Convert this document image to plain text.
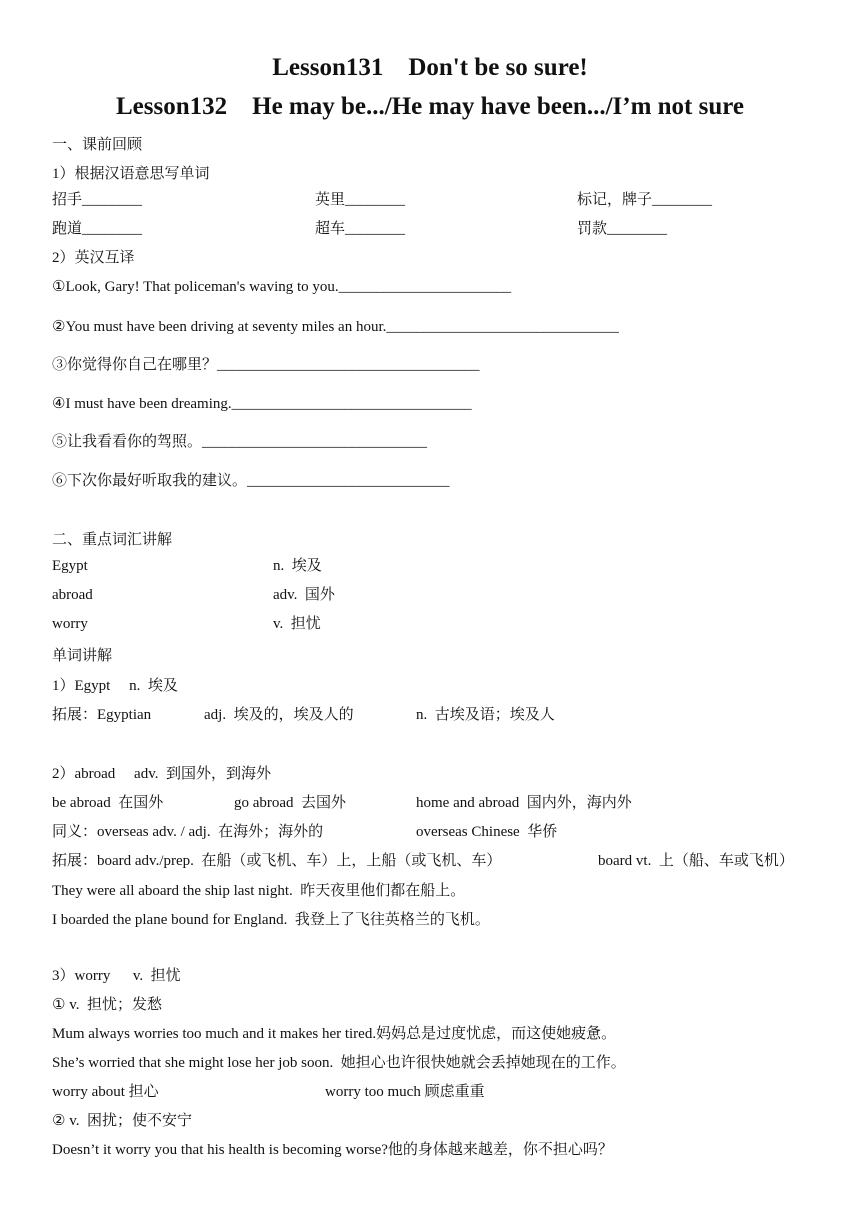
Lesson131    Don't be so sure!
Lesson132    He may be.../He may have been.../I’m not sure
一、课前回顾
1）根据汉语意思写单词
招手________	英里________	标记，牌子________
跑道________	超车________	罚款________
2）英汉互译
①Look, Gary! That policeman's waving to you._______________________
②You must have been driving at seventy miles an hour._______________________________
③你觉得你自己在哪里？___________________________________
④I must have been dreaming.________________________________
⑤让我看看你的驾照。______________________________
⑥下次你最好听取我的建议。___________________________
二、重点词汇讲解
Egypt	n.  埃及
abroad	adv.  国外
worry	v.  担忧
单词讲解
1）Egypt     n.  埃及
拓展：Egyptian	adj.  埃及的，埃及人的	n.  古埃及语；埃及人
2）abroad     adv.  到国外，到海外
be abroad  在国外	go abroad  去国外	home and abroad  国内外，海内外
同义：overseas adv. / adj.  在海外；海外的	overseas Chinese  华侨
拓展：board adv./prep.  在船（或飞机、车）上，上船（或飞机、车）	board vt.  上（船、车或飞机）
They were all aboard the ship last night.  昨天夜里他们都在船上。
I boarded the plane bound for England.  我登上了飞往英格兰的飞机。
3）worry      v.  担忧
① v.  担忧；发愁
Mum always worries too much and it makes her tired.妈妈总是过度忧虑，而这使她疲惫。
She’s worried that she might lose her job soon.  她担心也许很快她就会丢掉她现在的工作。
worry about 担心	worry too much 顾虑重重
② v.  困扰；使不安宁
Doesn’t it worry you that his health is becoming worse?他的身体越来越差，你不担心吗？
